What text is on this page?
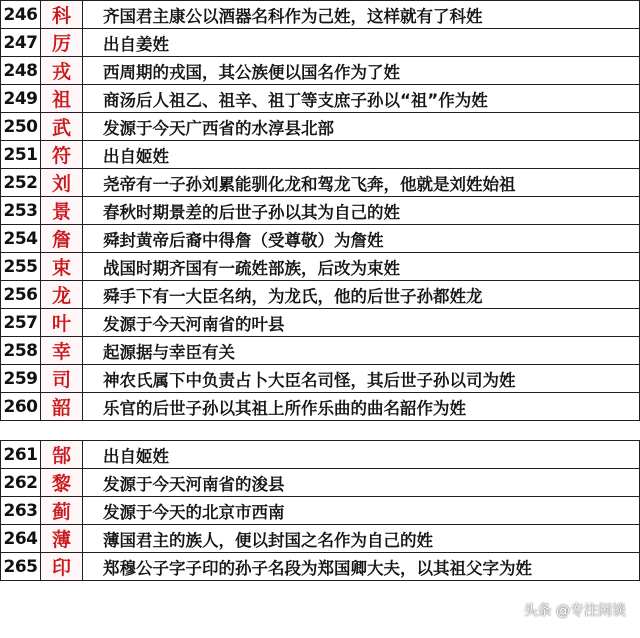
246	科	齐国君主康公以酒器名科作为己姓，这样就有了科姓
247	厉	出自姜姓
248	戎	西周期的戎国，其公族便以国名作为了姓
249	祖	商汤后人祖乙、祖辛、祖丁等支庶子孙以“祖”作为姓
250	武	发源于今天广西省的水淳县北部
251	符	出自姬姓
252	刘	尧帝有一子孙刘累能驯化龙和驾龙飞奔，他就是刘姓始祖
253	景	春秋时期景差的后世子孙以其为自己的姓
254	詹	舜封黄帝后裔中得詹（受尊敬）为詹姓
255	束	战国时期齐国有一疏姓部族，后改为束姓
256	龙	舜手下有一大臣名纳，为龙氏，他的后世子孙都姓龙
257	叶	发源于今天河南省的叶县
258	幸	起源据与幸臣有关
259	司	神农氏属下中负责占卜大臣名司怪，其后世子孙以司为姓
260	韶	乐官的后世子孙以其祖上所作乐曲的曲名韶作为姓

261	郜	出自姬姓
262	黎	发源于今天河南省的浚县
263	蓟	发源于今天的北京市西南
264	薄	薄国君主的族人，便以封国之名作为自己的姓
265	印	郑穆公子字子印的孙子名段为郑国卿大夫，以其祖父字为姓
头条 @专注闲谈
